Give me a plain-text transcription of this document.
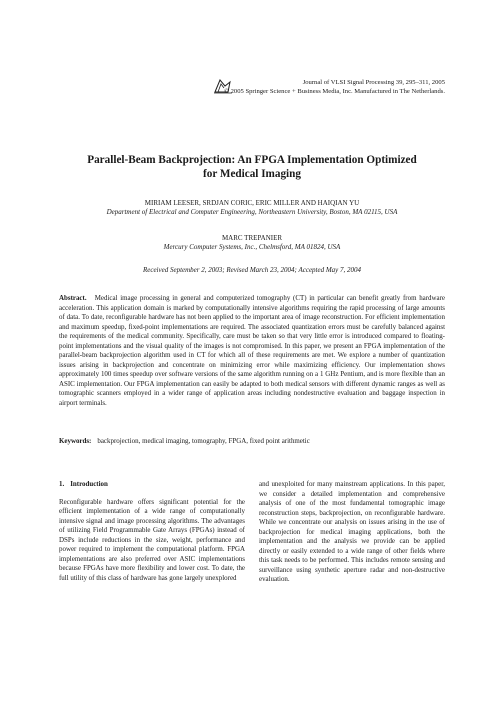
Journal of VLSI Signal Processing 39, 295–311, 2005
© 2005 Springer Science + Business Media, Inc. Manufactured in The Netherlands.
Parallel-Beam Backprojection: An FPGA Implementation Optimized
for Medical Imaging
MIRIAM LEESER, SRDJAN CORIC, ERIC MILLER AND HAIQIAN YU
Department of Electrical and Computer Engineering, Northeastern University, Boston, MA 02115, USA
MARC TREPANIER
Mercury Computer Systems, Inc., Chelmsford, MA 01824, USA
Received September 2, 2003; Revised March 23, 2004; Accepted May 7, 2004

Abstract. Medical image processing in general and computerized tomography (CT) in particular can benefit greatly from hardware acceleration. This application domain is marked by computationally intensive algorithms requiring the rapid processing of large amounts of data. To date, reconfigurable hardware has not been applied to the important area of image reconstruction. For efficient implementation and maximum speedup, fixed-point implementations are required. The associated quantization errors must be carefully balanced against the requirements of the medical community. Specifically, care must be taken so that very little error is introduced compared to floating-point implementations and the visual quality of the images is not compromised. In this paper, we present an FPGA implementation of the parallel-beam backprojection algorithm used in CT for which all of these requirements are met. We explore a number of quantization issues arising in backprojection and concentrate on minimizing error while maximizing efficiency. Our implementation shows approximately 100 times speedup over software versions of the same algorithm running on a 1 GHz Pentium, and is more flexible than an ASIC implementation. Our FPGA implementation can easily be adapted to both medical sensors with different dynamic ranges as well as tomographic scanners employed in a wider range of application areas including nondestructive evaluation and baggage inspection in airport terminals.

Keywords: backprojection, medical imaging, tomography, FPGA, fixed point arithmetic

1. Introduction

Reconfigurable hardware offers significant potential for the efficient implementation of a wide range of computationally intensive signal and image processing algorithms. The advantages of utilizing Field Programmable Gate Arrays (FPGAs) instead of DSPs include reductions in the size, weight, performance and power required to implement the computational platform. FPGA implementations are also preferred over ASIC implementations because FPGAs have more flexibility and lower cost. To date, the full utility of this class of hardware has gone largely unexplored

and unexploited for many mainstream applications. In this paper, we consider a detailed implementation and comprehensive analysis of one of the most fundamental tomographic image reconstruction steps, backprojection, on reconfigurable hardware. While we concentrate our analysis on issues arising in the use of backprojection for medical imaging applications, both the implementation and the analysis we provide can be applied directly or easily extended to a wide range of other fields where this task needs to be performed. This includes remote sensing and surveillance using synthetic aperture radar and non-destructive evaluation.
